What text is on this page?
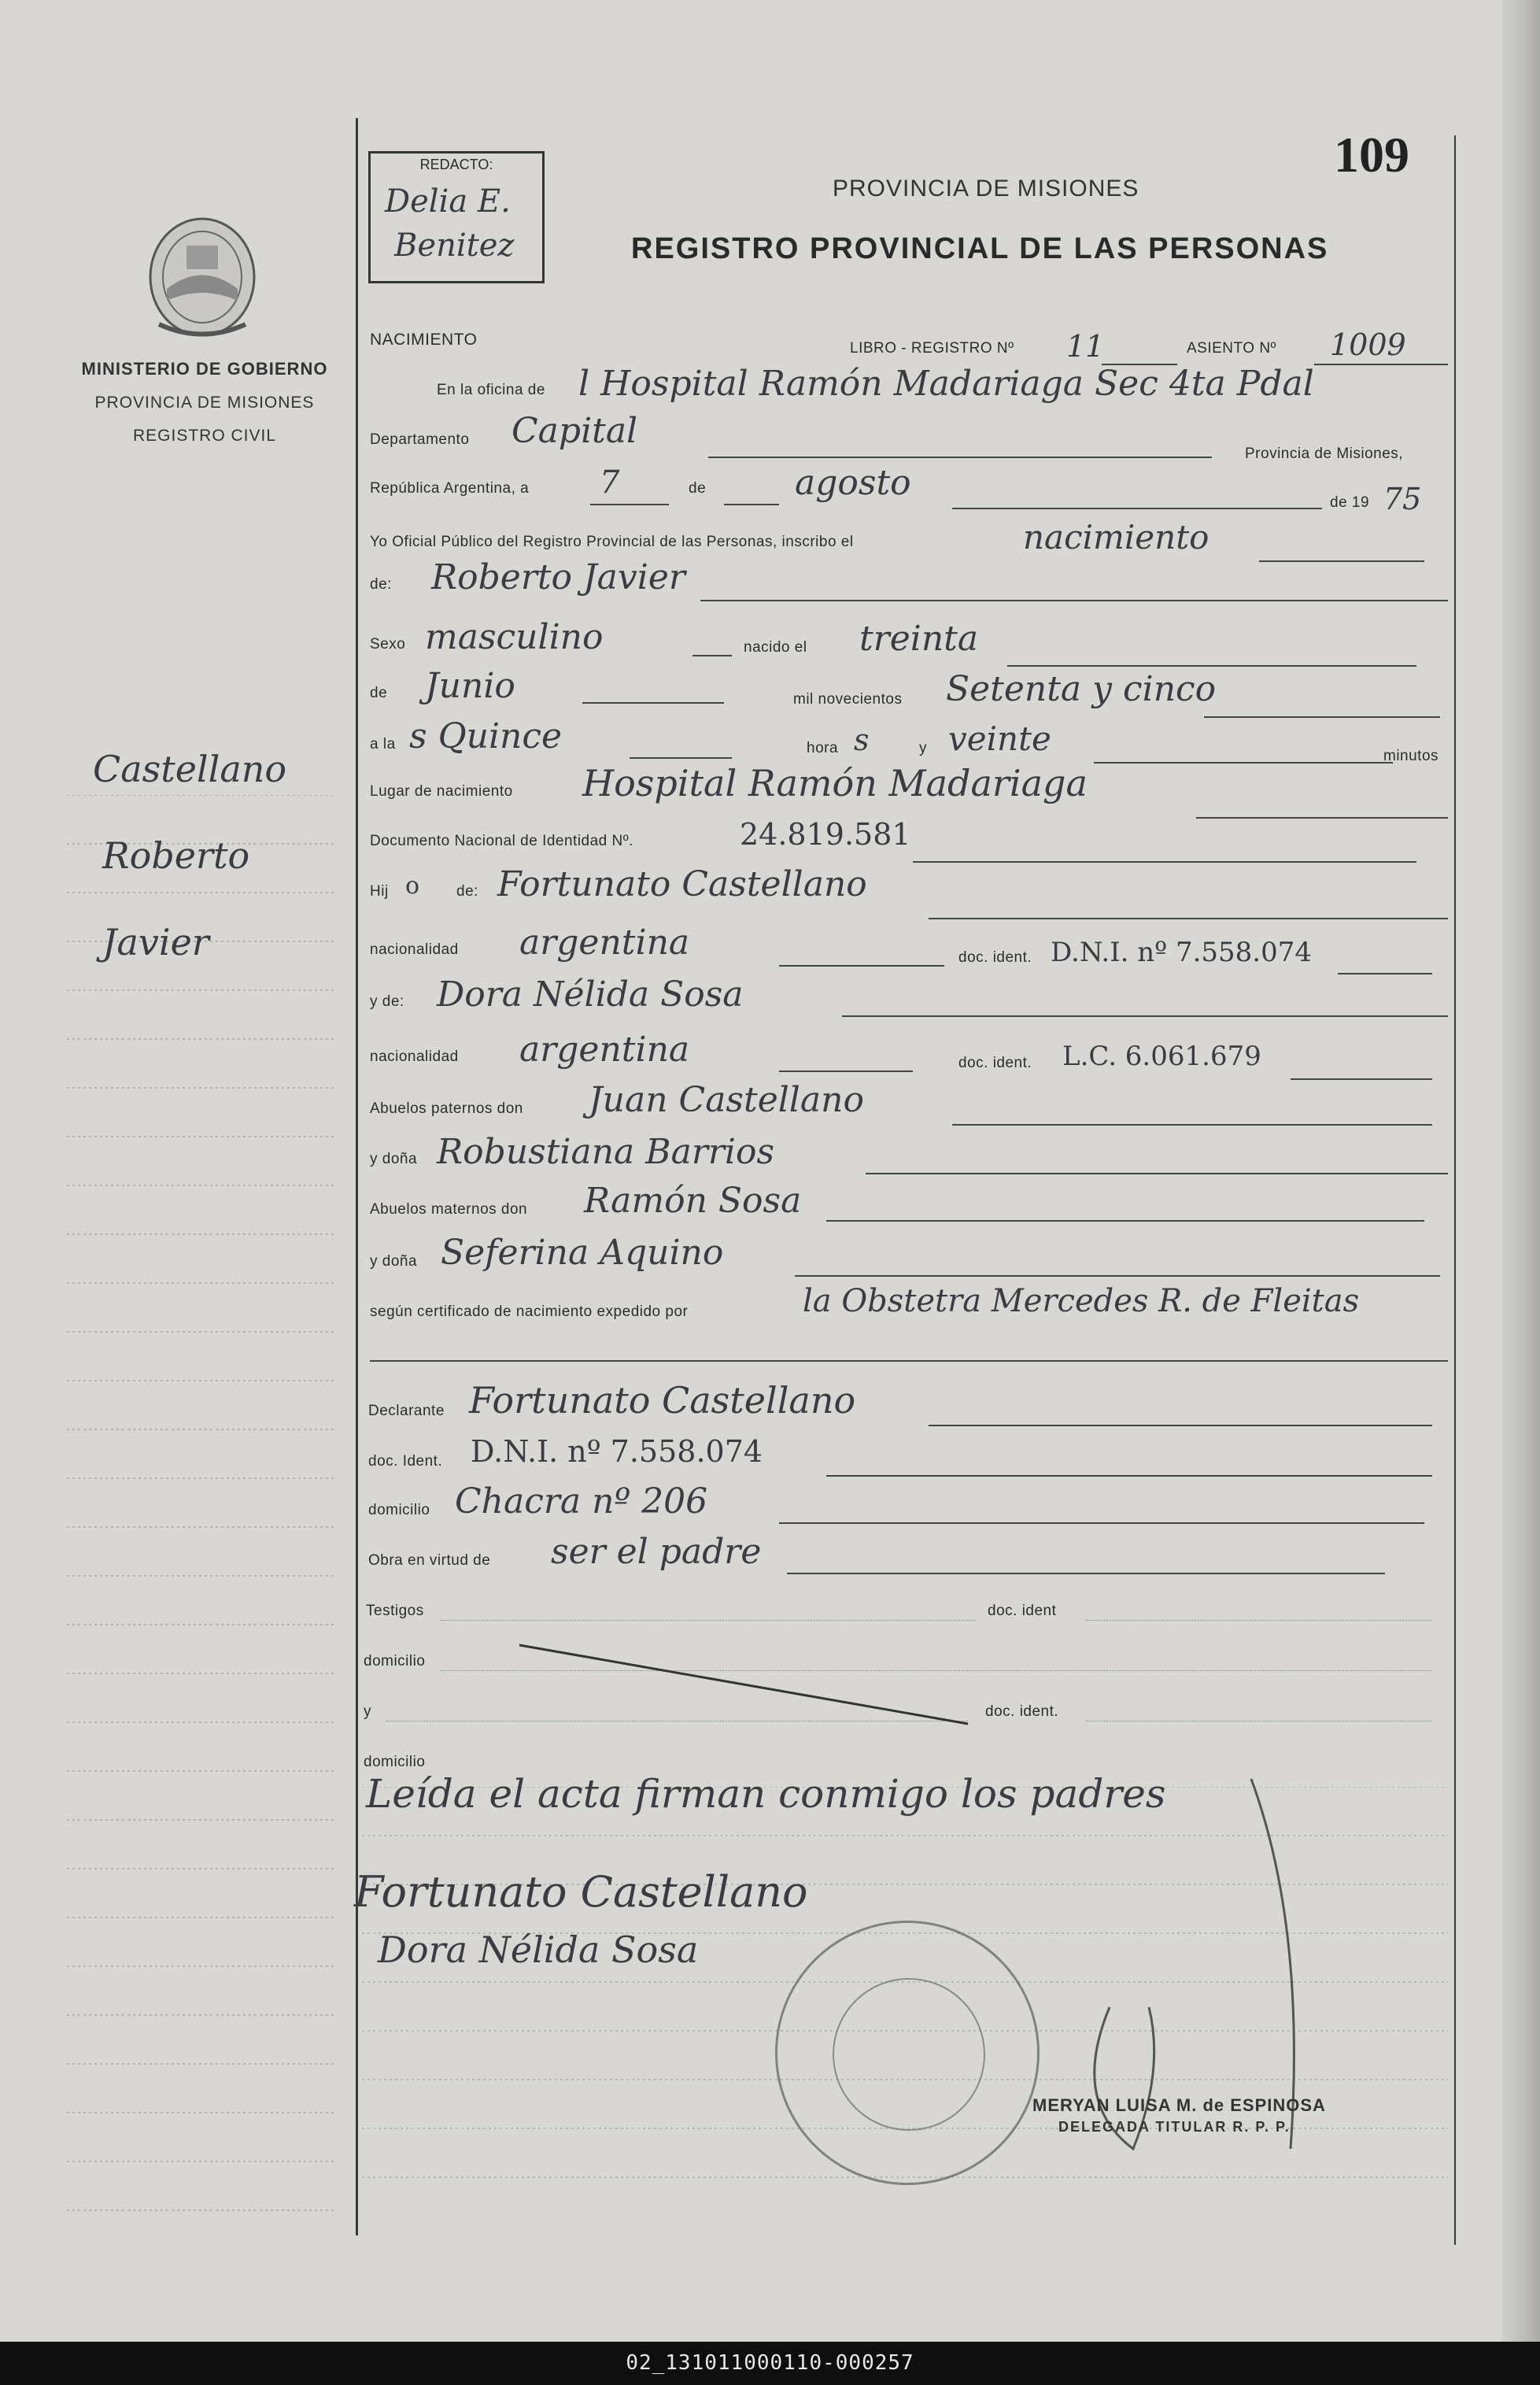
109
MINISTERIO DE GOBIERNO
PROVINCIA DE MISIONES
REGISTRO CIVIL
REDACTO:
Delia E.
Benitez
PROVINCIA DE MISIONES
REGISTRO PROVINCIAL DE LAS PERSONAS
Castellano
Roberto
Javier
NACIMIENTO	LIBRO - REGISTRO Nº 11	ASIENTO Nº 1009
En la oficina de l Hospital Ramón Madariaga Sec 4ta Pdal
Departamento Capital
Provincia de Misiones,
República Argentina, a 7	de	agosto	de 19 75
Yo Oficial Público del Registro Provincial de las Personas, inscribo el	nacimiento
de: Roberto Javier
Sexo masculino	nacido el treinta
de Junio	mil novecientos Setenta y cinco
a la s Quince	hora s	y veinte	minutos
Lugar de nacimiento Hospital Ramón Madariaga
Documento Nacional de Identidad Nº.	24.819.581
Hij o de: Fortunato Castellano
nacionalidad argentina	doc. ident. D.N.I. nº 7.558.074
y de: Dora Nélida Sosa
nacionalidad argentina	doc. ident. L.C. 6.061.679
Abuelos paternos don Juan Castellano
y doña Robustiana Barrios
Abuelos maternos don Ramón Sosa
y doña Seferina Aquino
según certificado de nacimiento expedido por	la Obstetra Mercedes R. de Fleitas
Declarante Fortunato Castellano
doc. Ident. D.N.I. nº 7.558.074
domicilio Chacra nº 206
Obra en virtud de ser el padre
Testigos	doc. ident
domicilio
y	doc. ident.
domicilio
Leída el acta firman conmigo los padres
Fortunato Castellano
Dora Nélida Sosa
MERYAN LUISA M. de ESPINOSA
DELEGADA TITULAR R. P. P.
02_131011000110-000257
